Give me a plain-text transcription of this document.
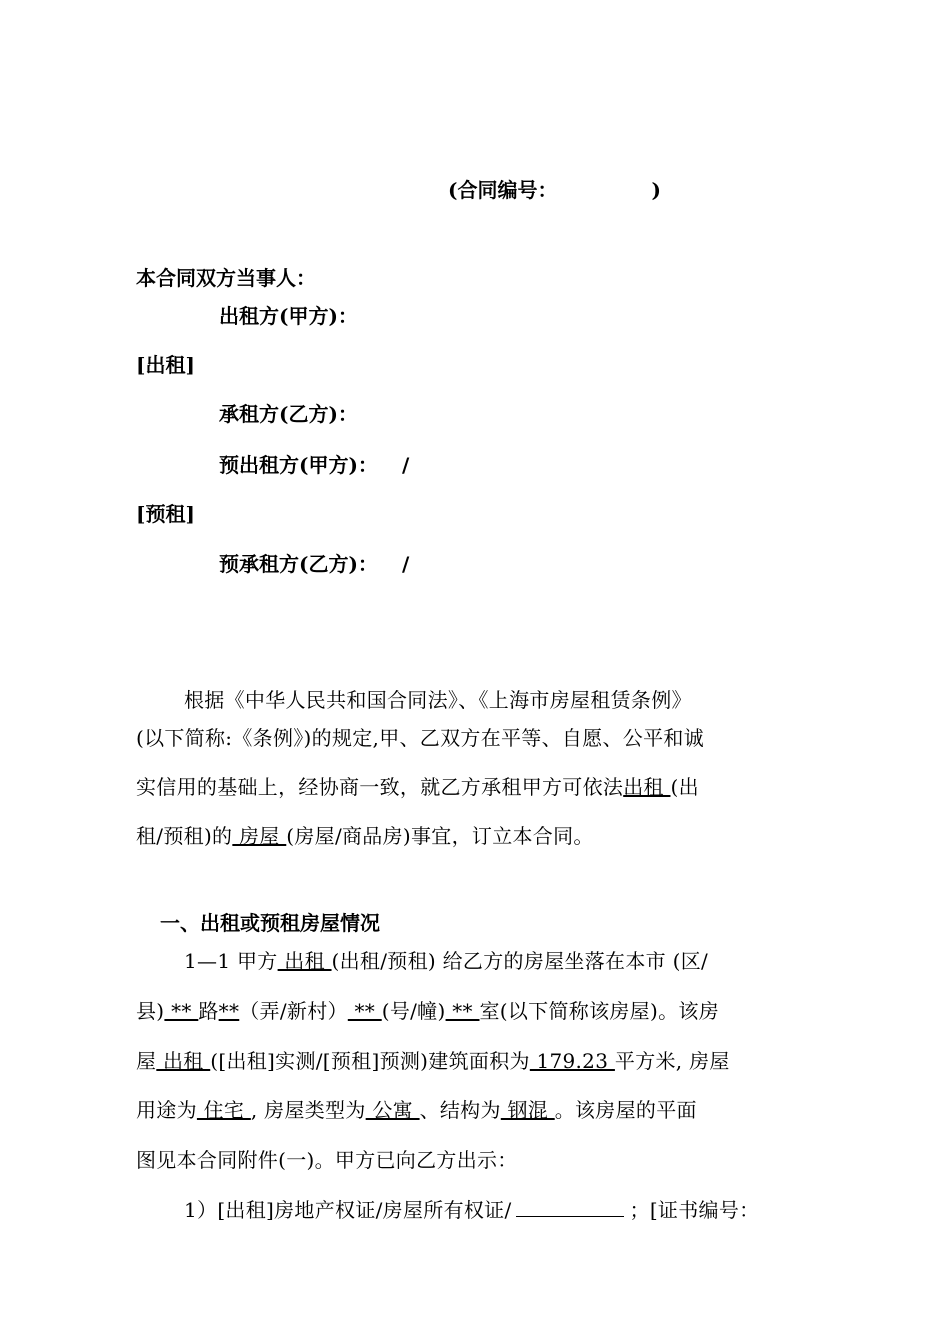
(合同编号：	)
本合同双方当事人：
出租方(甲方)：
[出租]
承租方(乙方)：
预出租方(甲方)： /
[预租]
预承租方(乙方)： /
根据《中华人民共和国合同法》、《上海市房屋租赁条例》
(以下简称:《条例》)的规定,甲、乙双方在平等、自愿、公平和诚
实信用的基础上，经协商一致，就乙方承租甲方可依法出租 (出
租/预租)的 房屋 (房屋/商品房)事宜，订立本合同。
一、出租或预租房屋情况
1—1 甲方 出租 (出租/预租) 给乙方的房屋坐落在本市 (区/
县) ** 路**（弄/新村） ** (号/幢) ** 室(以下简称该房屋)。该房
屋 出租 ([出租]实测/[预租]预测)建筑面积为 179.23 平方米, 房屋
用途为 住宅 , 房屋类型为 公寓 、结构为 钢混 。该房屋的平面
图见本合同附件(一)。甲方已向乙方出示：
1）[出租]房地产权证/房屋所有权证/	；[证书编号：
